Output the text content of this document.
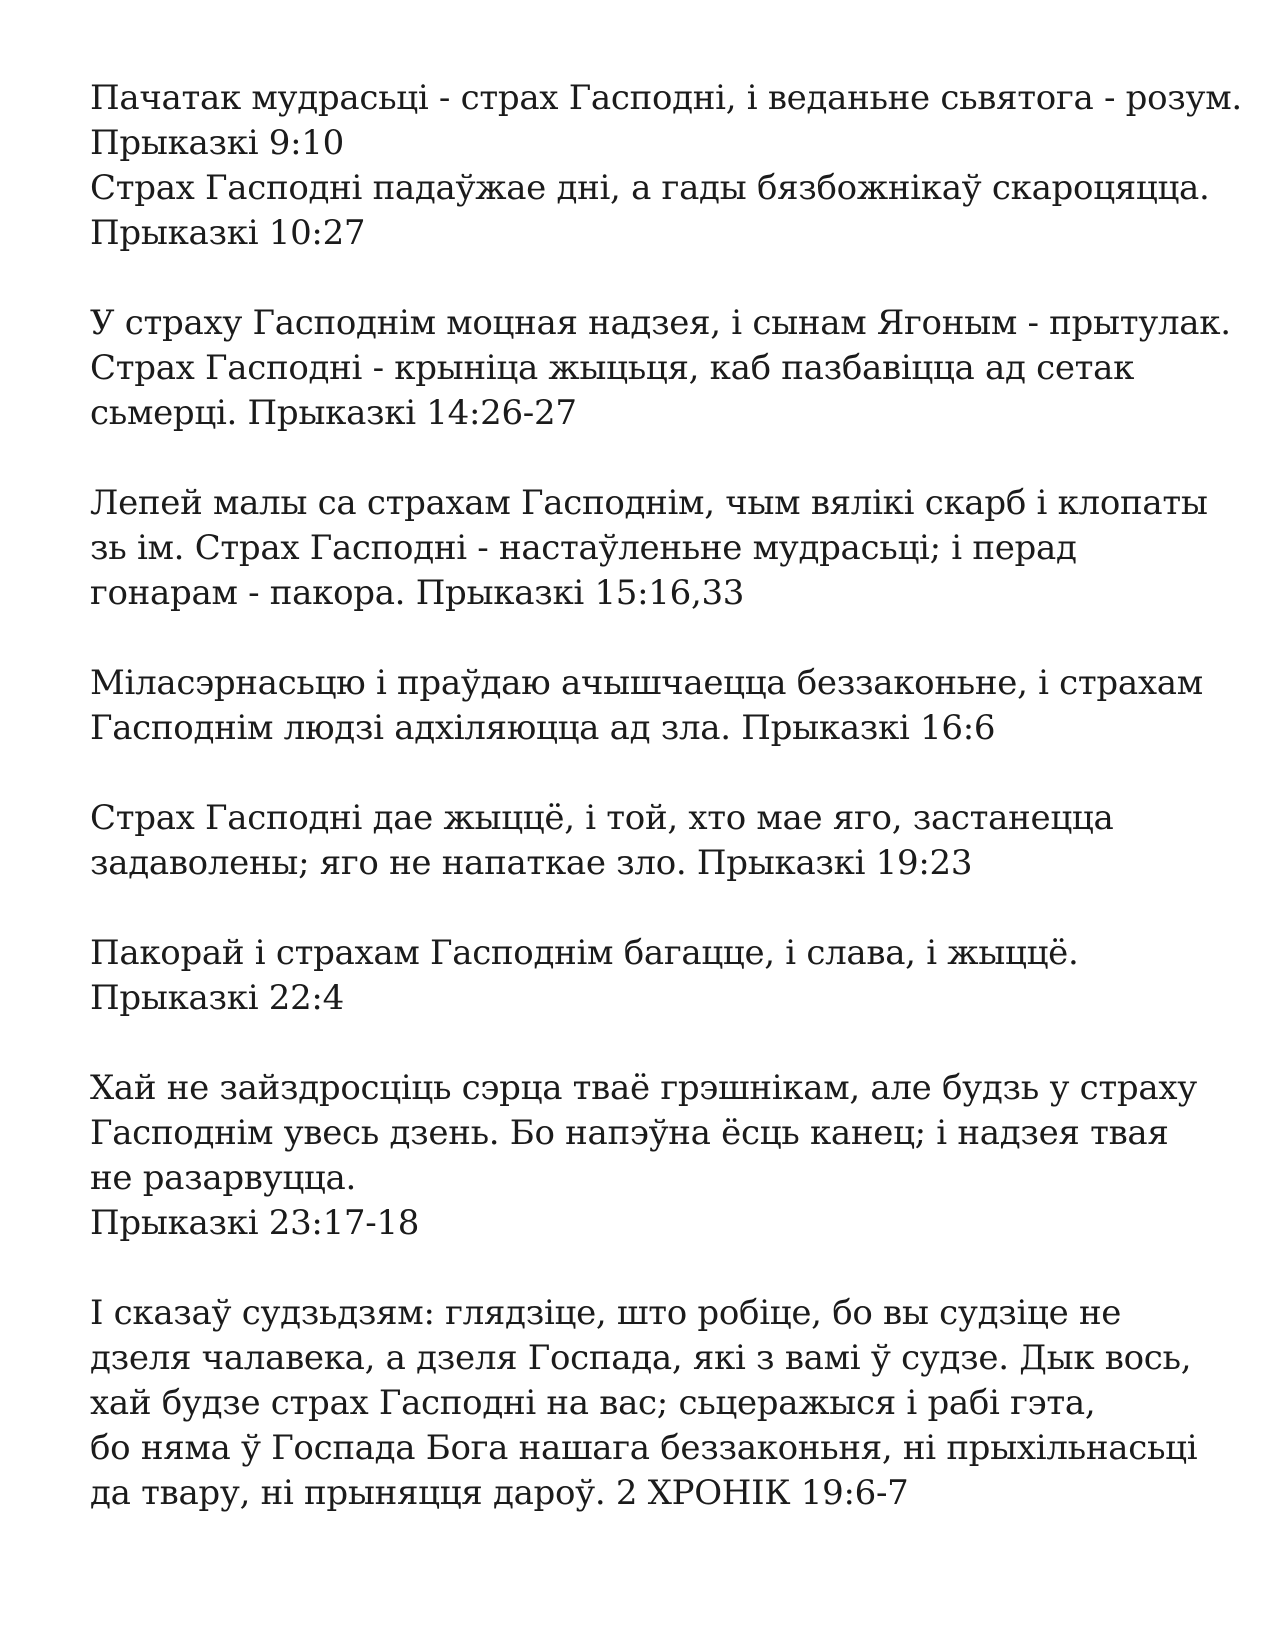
Пачатак мудрасьці - страх Гасподні, і веданьне сьвятога - розум.
Прыказкі 9:10
Страх Гасподні падаўжае дні, а гады бязбожнікаў скароцяцца.
Прыказкі 10:27
У страху Гасподнім моцная надзея, і сынам Ягоным - прытулак.
Страх Гасподні - крыніца жыцьця, каб пазбавіцца ад сетак
сьмерці. Прыказкі 14:26-27
Лепей малы са страхам Гасподнім, чым вялікі скарб і клопаты
зь ім. Страх Гасподні - настаўленьне мудрасьці; і перад
гонарам - пакора. Прыказкі 15:16,33
Міласэрнасьцю і праўдаю ачышчаецца беззаконьне, і страхам
Гасподнім людзі адхіляюцца ад зла. Прыказкі 16:6
Страх Гасподні дае жыццё, і той, хто мае яго, застанецца
задаволены; яго не напаткае зло. Прыказкі 19:23
Пакорай і страхам Гасподнім багацце, і слава, і жыццё.
Прыказкі 22:4
Хай не зайздросціць сэрца тваё грэшнікам, але будзь у страху
Гасподнім увесь дзень. Бо напэўна ёсць канец; і надзея твая
не разарвуцца.
Прыказкі 23:17-18
І сказаў судзьдзям: глядзіце, што робіце, бо вы судзіце не
дзеля чалавека, а дзеля Госпада, які з вамі ў судзе. Дык вось,
хай будзе страх Гасподні на вас; сьцеражыся і рабі гэта,
бо няма ў Госпада Бога нашага беззаконьня, ні прыхільнасьці
да твару, ні прыняцця дароў. 2 ХРОНІК 19:6-7
